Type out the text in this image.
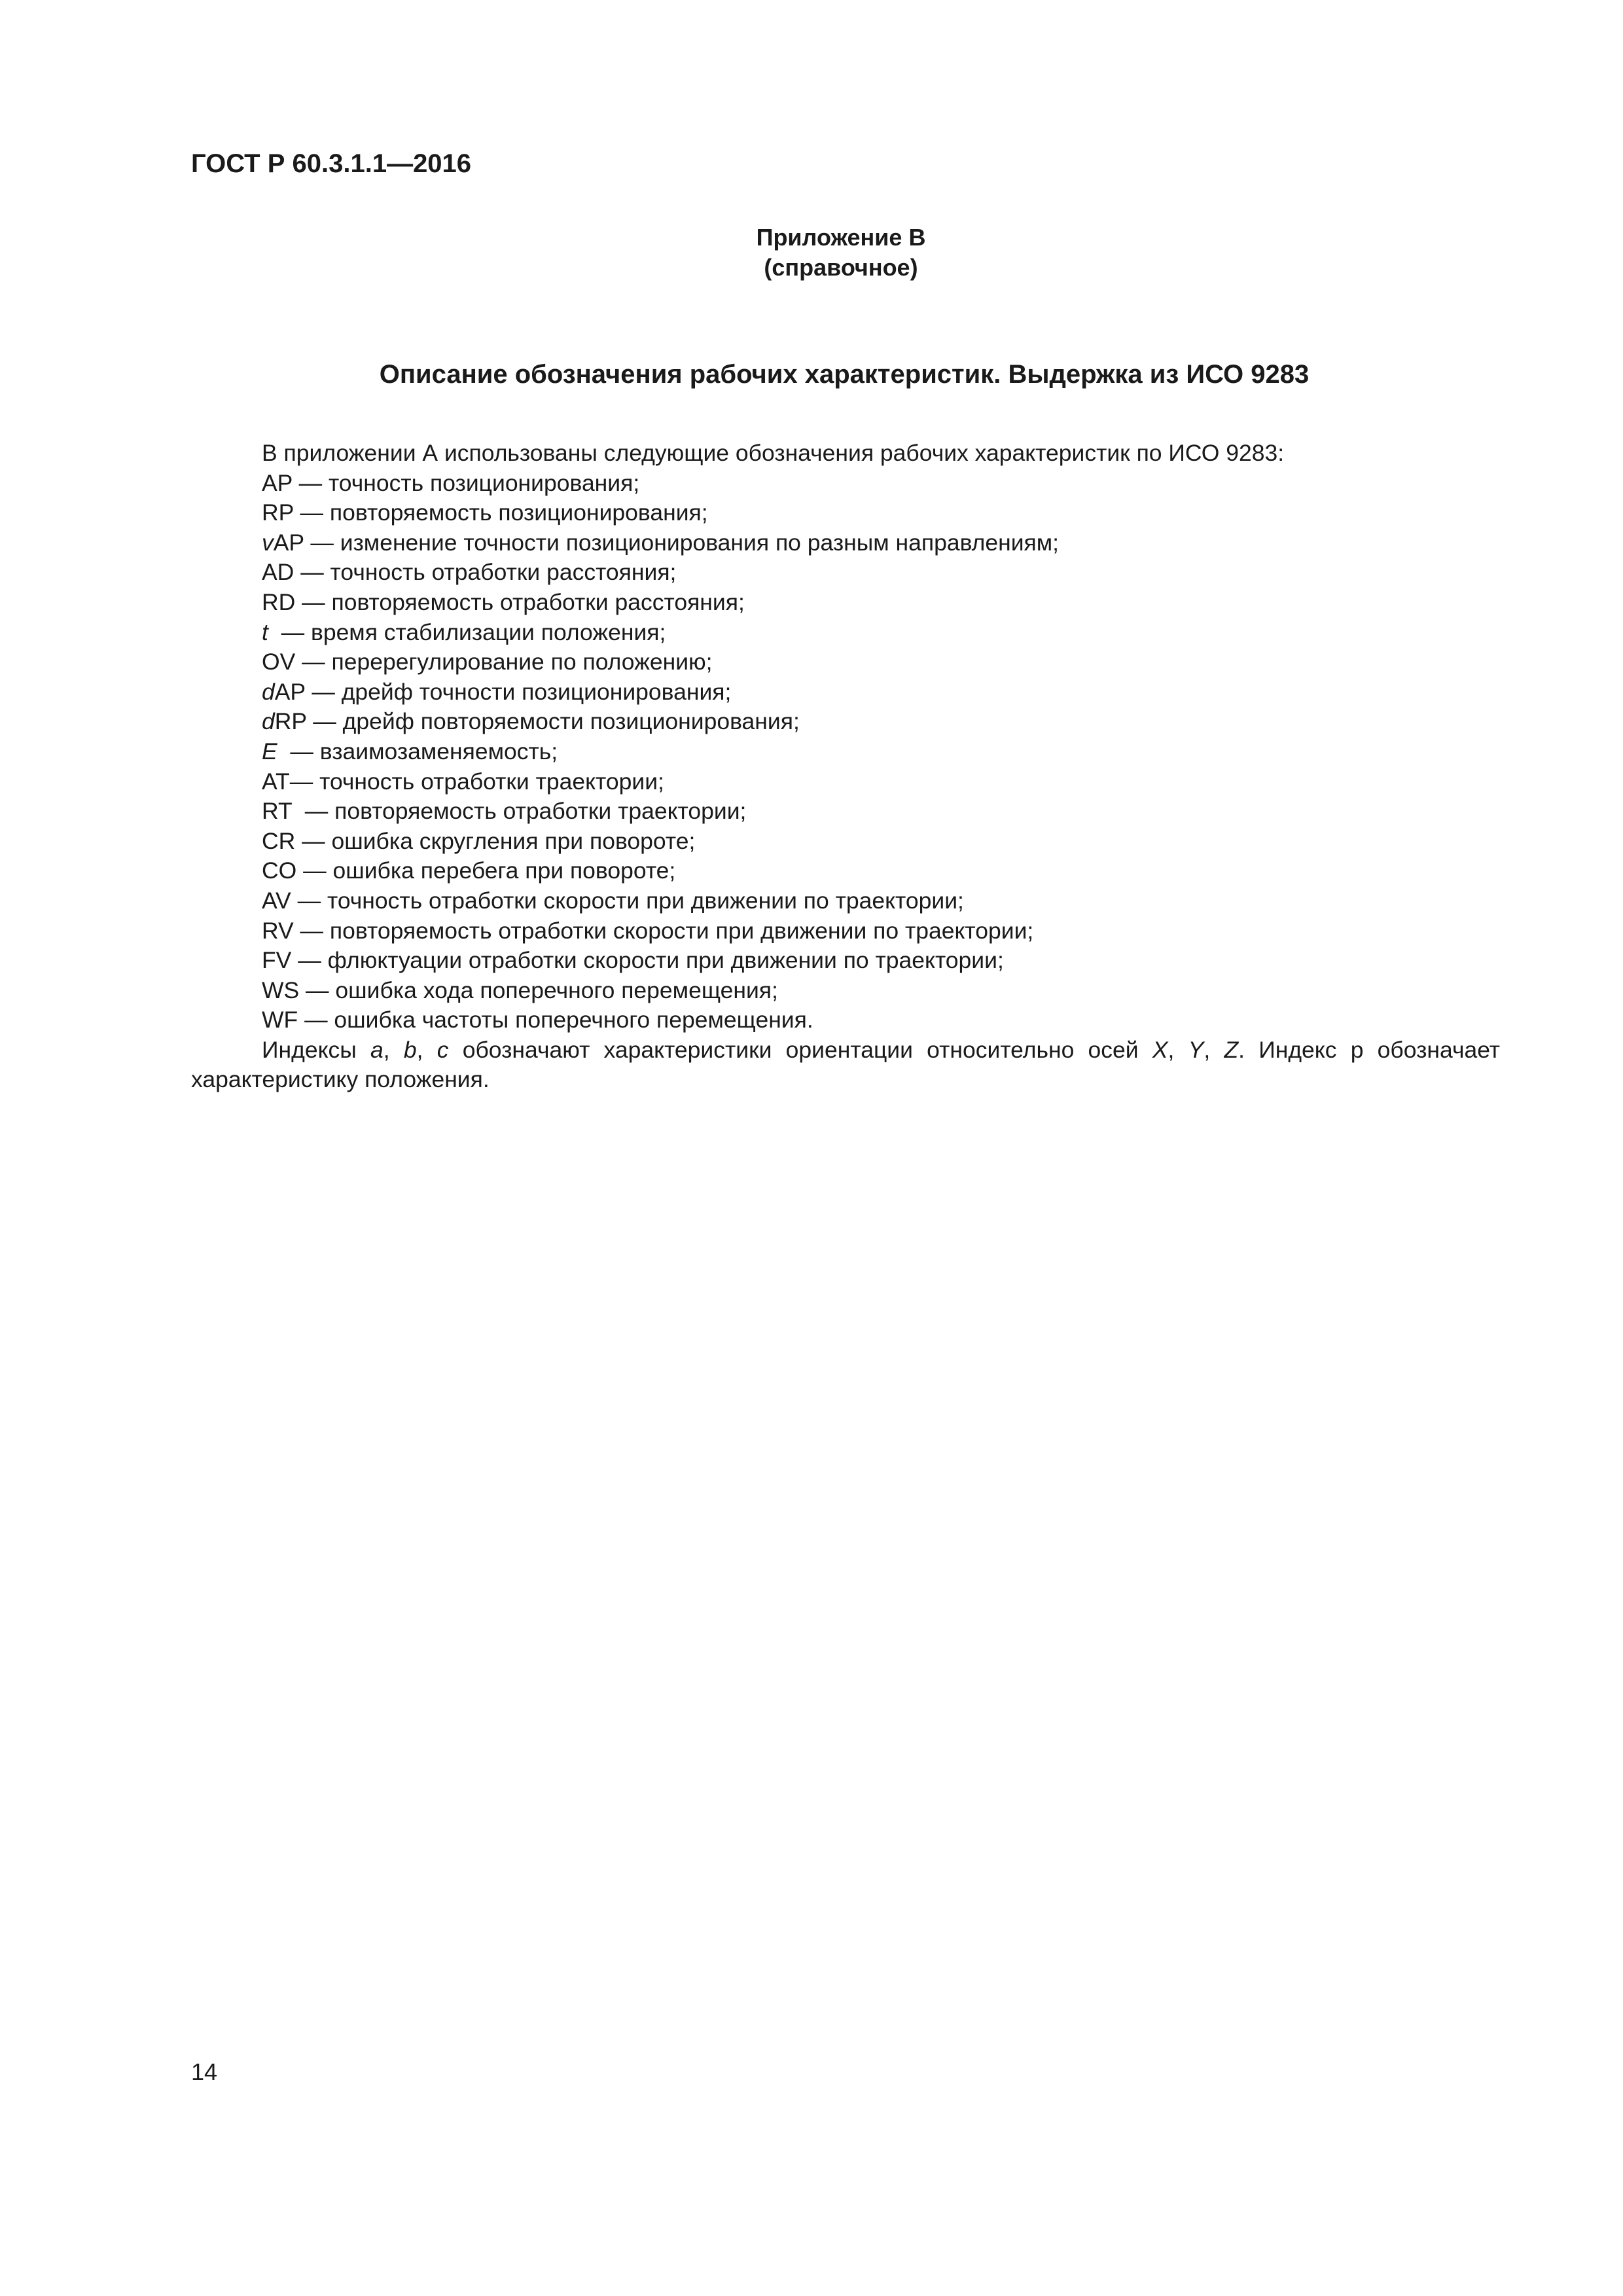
ГОСТ Р 60.3.1.1—2016
Приложение В
(справочное)
Описание обозначения рабочих характеристик. Выдержка из ИСО 9283
В приложении А использованы следующие обозначения рабочих характеристик по ИСО 9283:
AP — точность позиционирования;
RP — повторяемость позиционирования;
vAP — изменение точности позиционирования по разным направлениям;
AD — точность отработки расстояния;
RD — повторяемость отработки расстояния;
t  — время стабилизации положения;
OV — перерегулирование по положению;
dAP — дрейф точности позиционирования;
dRP — дрейф повторяемости позиционирования;
E  — взаимозаменяемость;
AT— точность отработки траектории;
RT  — повторяемость отработки траектории;
CR — ошибка скругления при повороте;
CO — ошибка перебега при повороте;
AV — точность отработки скорости при движении по траектории;
RV — повторяемость отработки скорости при движении по траектории;
FV — флюктуации отработки скорости при движении по траектории;
WS — ошибка хода поперечного перемещения;
WF — ошибка частоты поперечного перемещения.
Индексы a, b, c обозначают характеристики ориентации относительно осей X, Y, Z. Индекс р обозначает характеристику положения.
14
